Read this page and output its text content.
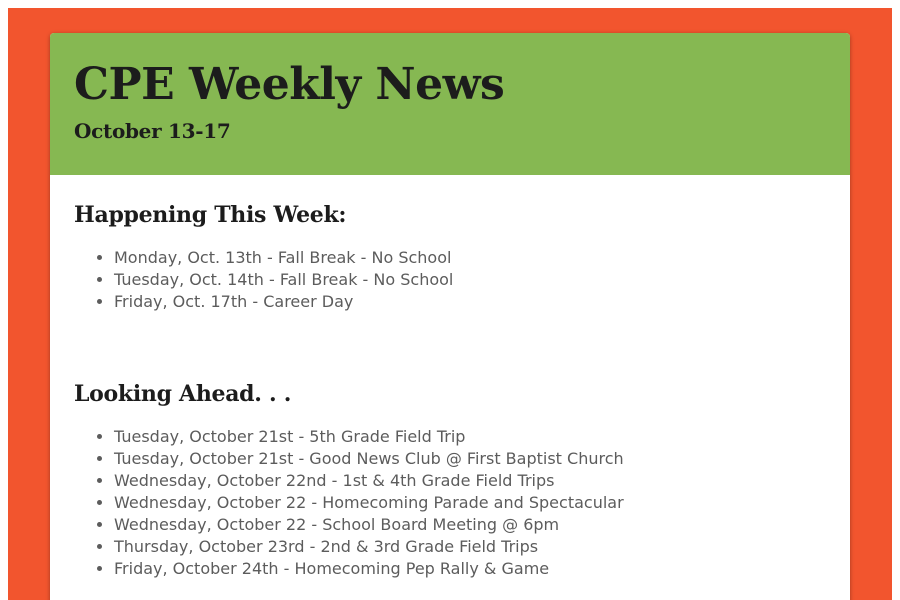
CPE Weekly News
October 13-17
Happening This Week:
• Monday, Oct. 13th - Fall Break - No School
• Tuesday, Oct. 14th - Fall Break - No School
• Friday, Oct. 17th - Career Day
Looking Ahead. . .
• Tuesday, October 21st - 5th Grade Field Trip
• Tuesday, October 21st - Good News Club @ First Baptist Church
• Wednesday, October 22nd - 1st & 4th Grade Field Trips
• Wednesday, October 22 - Homecoming Parade and Spectacular
• Wednesday, October 22 - School Board Meeting @ 6pm
• Thursday, October 23rd - 2nd & 3rd Grade Field Trips
• Friday, October 24th - Homecoming Pep Rally & Game
